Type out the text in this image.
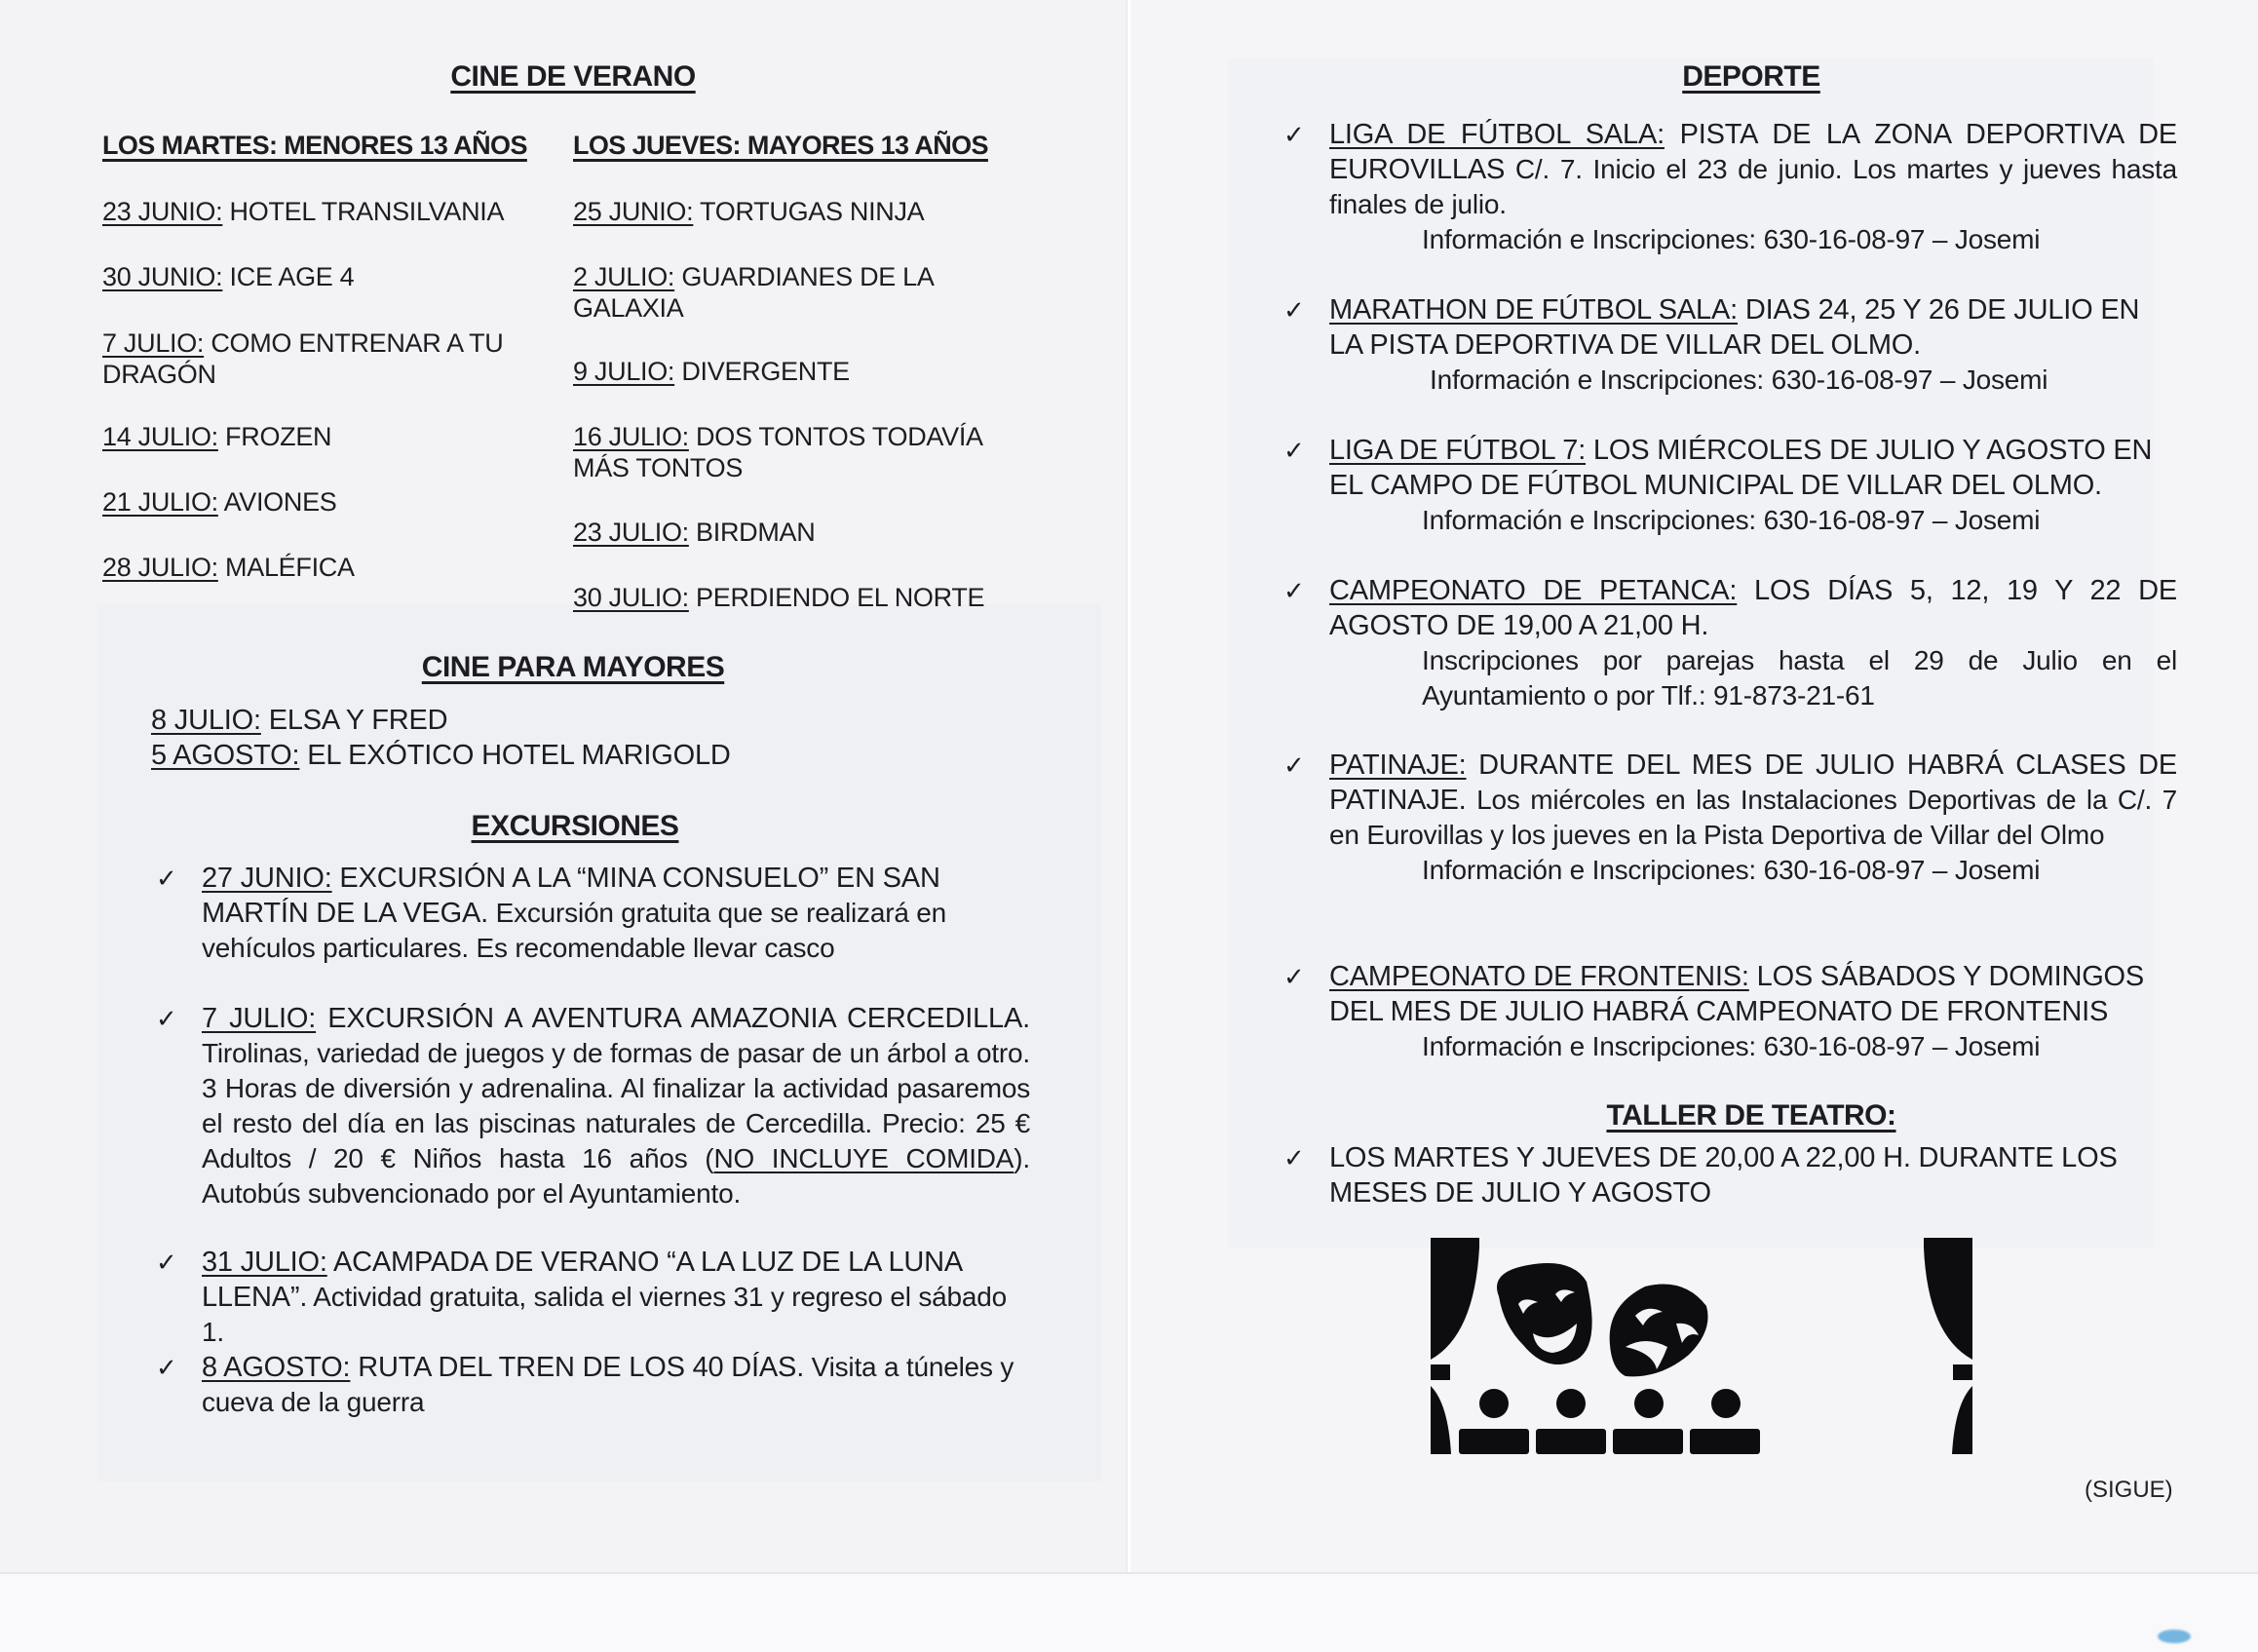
CINE DE VERANO
LOS MARTES: MENORES 13 AÑOS LOS JUEVES: MAYORES 13 AÑOS
23 JUNIO: HOTEL TRANSILVANIA
30 JUNIO: ICE AGE 4
7 JULIO: COMO ENTRENAR A TU DRAGÓN
14 JULIO: FROZEN
21 JULIO: AVIONES
28 JULIO: MALÉFICA
25 JUNIO: TORTUGAS NINJA
2 JULIO: GUARDIANES DE LA GALAXIA
9 JULIO: DIVERGENTE
16 JULIO: DOS TONTOS TODAVÍA MÁS TONTOS
23 JULIO: BIRDMAN
30 JULIO: PERDIENDO EL NORTE
CINE PARA MAYORES
8 JULIO: ELSA Y FRED
5 AGOSTO: EL EXÓTICO HOTEL MARIGOLD
EXCURSIONES
✓ 27 JUNIO: EXCURSIÓN A LA “MINA CONSUELO” EN SAN MARTÍN DE LA VEGA. Excursión gratuita que se realizará en vehículos particulares. Es recomendable llevar casco
✓ 7 JULIO: EXCURSIÓN A AVENTURA AMAZONIA CERCEDILLA. Tirolinas, variedad de juegos y de formas de pasar de un árbol a otro. 3 Horas de diversión y adrenalina. Al finalizar la actividad pasaremos el resto del día en las piscinas naturales de Cercedilla. Precio: 25 € Adultos / 20 € Niños hasta 16 años (NO INCLUYE COMIDA). Autobús subvencionado por el Ayuntamiento.
✓ 31 JULIO: ACAMPADA DE VERANO “A LA LUZ DE LA LUNA LLENA”. Actividad gratuita, salida el viernes 31 y regreso el sábado 1.
✓ 8 AGOSTO: RUTA DEL TREN DE LOS 40 DÍAS. Visita a túneles y cueva de la guerra
DEPORTE
✓ LIGA DE FÚTBOL SALA: PISTA DE LA ZONA DEPORTIVA DE EUROVILLAS C/. 7. Inicio el 23 de junio. Los martes y jueves hasta finales de julio.
Información e Inscripciones: 630-16-08-97 – Josemi
✓ MARATHON DE FÚTBOL SALA: DIAS 24, 25 Y 26 DE JULIO EN LA PISTA DEPORTIVA DE VILLAR DEL OLMO.
Información e Inscripciones: 630-16-08-97 – Josemi
✓ LIGA DE FÚTBOL 7: LOS MIÉRCOLES DE JULIO Y AGOSTO EN EL CAMPO DE FÚTBOL MUNICIPAL DE VILLAR DEL OLMO.
Información e Inscripciones: 630-16-08-97 – Josemi
✓ CAMPEONATO DE PETANCA: LOS DÍAS 5, 12, 19 Y 22 DE AGOSTO DE 19,00 A 21,00 H.
Inscripciones por parejas hasta el 29 de Julio en el Ayuntamiento o por Tlf.: 91-873-21-61
✓ PATINAJE: DURANTE DEL MES DE JULIO HABRÁ CLASES DE PATINAJE. Los miércoles en las Instalaciones Deportivas de la C/. 7 en Eurovillas y los jueves en la Pista Deportiva de Villar del Olmo
Información e Inscripciones: 630-16-08-97 – Josemi
✓ CAMPEONATO DE FRONTENIS: LOS SÁBADOS Y DOMINGOS DEL MES DE JULIO HABRÁ CAMPEONATO DE FRONTENIS
Información e Inscripciones: 630-16-08-97 – Josemi
TALLER DE TEATRO:
✓ LOS MARTES Y JUEVES DE 20,00 A 22,00 H. DURANTE LOS MESES DE JULIO Y AGOSTO
(SIGUE)
